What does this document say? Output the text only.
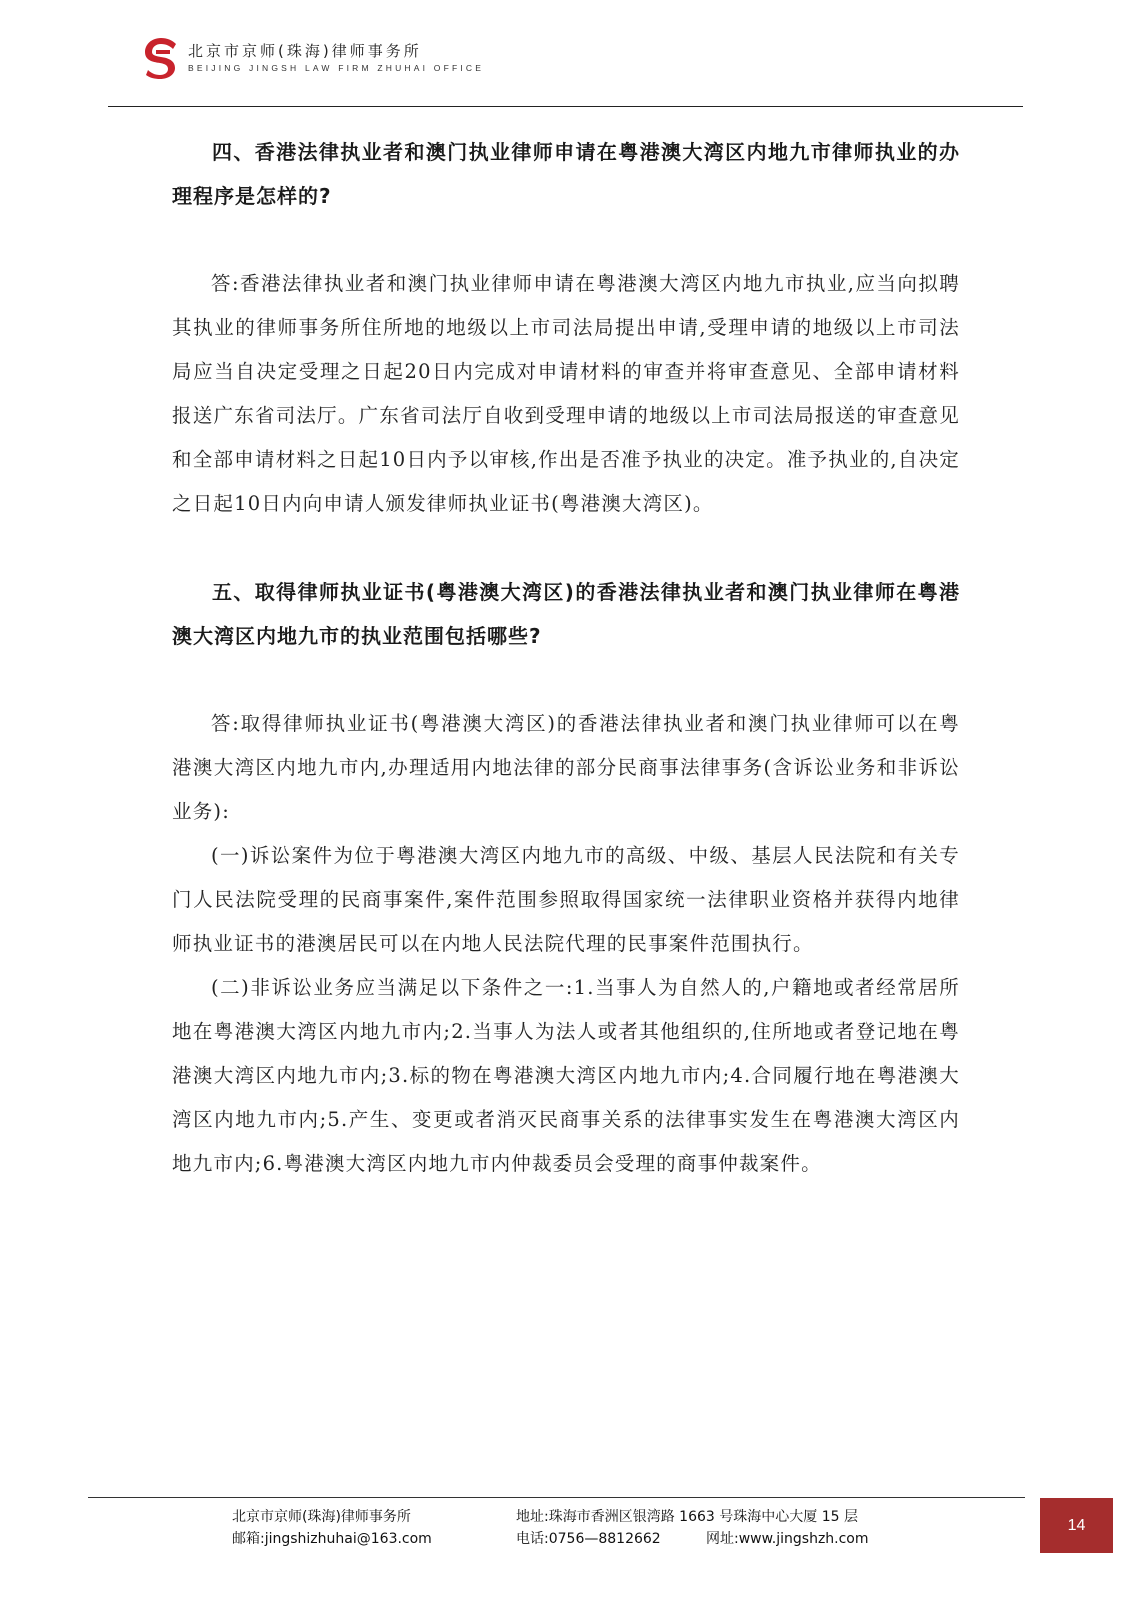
北京市京师(珠海)律师事务所
BEIJING JINGSH LAW FIRM ZHUHAI OFFICE

四、香港法律执业者和澳门执业律师申请在粤港澳大湾区内地九市律师执业的办理程序是怎样的?

答:香港法律执业者和澳门执业律师申请在粤港澳大湾区内地九市执业,应当向拟聘其执业的律师事务所住所地的地级以上市司法局提出申请,受理申请的地级以上市司法局应当自决定受理之日起20日内完成对申请材料的审查并将审查意见、全部申请材料报送广东省司法厅。广东省司法厅自收到受理申请的地级以上市司法局报送的审查意见和全部申请材料之日起10日内予以审核,作出是否准予执业的决定。准予执业的,自决定之日起10日内向申请人颁发律师执业证书(粤港澳大湾区)。

五、取得律师执业证书(粤港澳大湾区)的香港法律执业者和澳门执业律师在粤港澳大湾区内地九市的执业范围包括哪些?

答:取得律师执业证书(粤港澳大湾区)的香港法律执业者和澳门执业律师可以在粤港澳大湾区内地九市内,办理适用内地法律的部分民商事法律事务(含诉讼业务和非诉讼业务):

(一)诉讼案件为位于粤港澳大湾区内地九市的高级、中级、基层人民法院和有关专门人民法院受理的民商事案件,案件范围参照取得国家统一法律职业资格并获得内地律师执业证书的港澳居民可以在内地人民法院代理的民事案件范围执行。

(二)非诉讼业务应当满足以下条件之一:1.当事人为自然人的,户籍地或者经常居所地在粤港澳大湾区内地九市内;2.当事人为法人或者其他组织的,住所地或者登记地在粤港澳大湾区内地九市内;3.标的物在粤港澳大湾区内地九市内;4.合同履行地在粤港澳大湾区内地九市内;5.产生、变更或者消灭民商事关系的法律事实发生在粤港澳大湾区内地九市内;6.粤港澳大湾区内地九市内仲裁委员会受理的商事仲裁案件。

北京市京师(珠海)律师事务所	地址:珠海市香洲区银湾路 1663 号珠海中心大厦 15 层
邮箱:jingshizhuhai@163.com	电话:0756—8812662	网址:www.jingshzh.com
14
